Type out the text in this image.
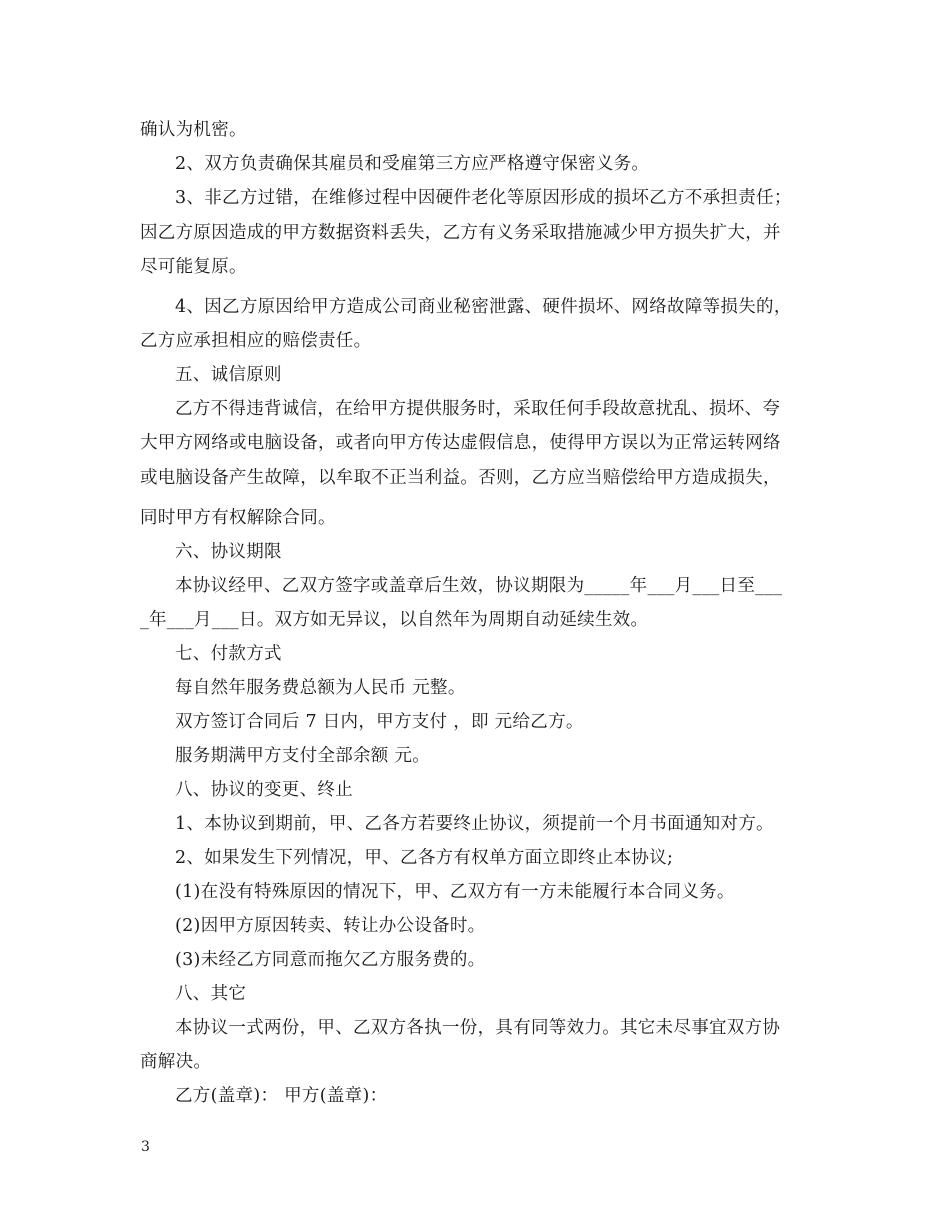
确认为机密。
2、双方负责确保其雇员和受雇第三方应严格遵守保密义务。
3、非乙方过错，在维修过程中因硬件老化等原因形成的损坏乙方不承担责任；
因乙方原因造成的甲方数据资料丢失，乙方有义务采取措施减少甲方损失扩大，并
尽可能复原。
4、因乙方原因给甲方造成公司商业秘密泄露、硬件损坏、网络故障等损失的，
乙方应承担相应的赔偿责任。
五、诚信原则
乙方不得违背诚信，在给甲方提供服务时，采取任何手段故意扰乱、损坏、夸
大甲方网络或电脑设备，或者向甲方传达虚假信息，使得甲方误以为正常运转网络
或电脑设备产生故障，以牟取不正当利益。否则，乙方应当赔偿给甲方造成损失，
同时甲方有权解除合同。
六、协议期限
本协议经甲、乙双方签字或盖章后生效，协议期限为_____年___月___日至___
_年___月___日。双方如无异议，以自然年为周期自动延续生效。
七、付款方式
每自然年服务费总额为人民币 元整。
双方签订合同后 7 日内，甲方支付 ，即 元给乙方。
服务期满甲方支付全部余额 元。
八、协议的变更、终止
1、本协议到期前，甲、乙各方若要终止协议，须提前一个月书面通知对方。
2、如果发生下列情况，甲、乙各方有权单方面立即终止本协议;
(1)在没有特殊原因的情况下，甲、乙双方有一方未能履行本合同义务。
(2)因甲方原因转卖、转让办公设备时。
(3)未经乙方同意而拖欠乙方服务费的。
八、其它
本协议一式两份，甲、乙双方各执一份，具有同等效力。其它未尽事宜双方协
商解决。
乙方(盖章)： 甲方(盖章)：
3
